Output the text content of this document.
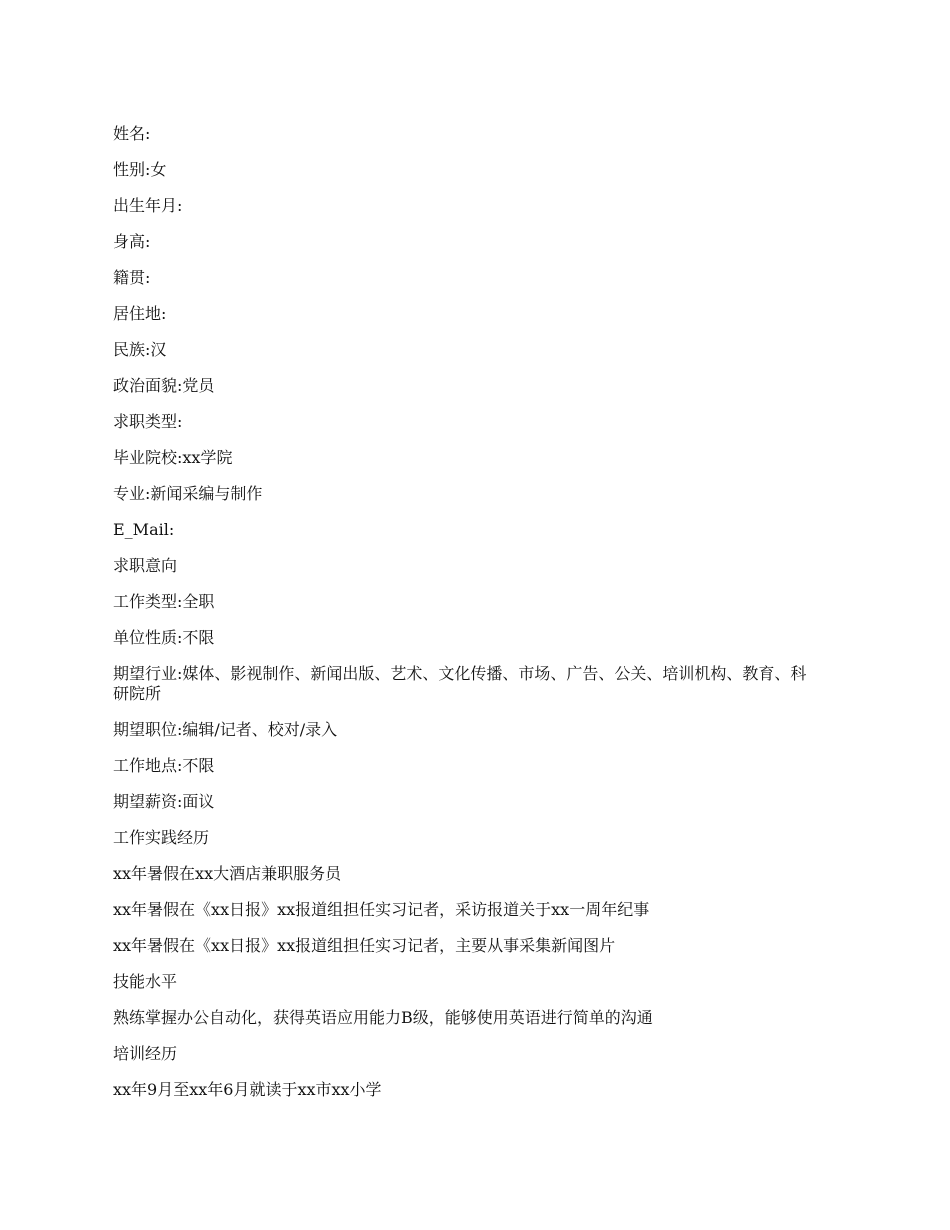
姓名:
性别:女
出生年月:
身高:
籍贯:
居住地:
民族:汉
政治面貌:党员
求职类型:
毕业院校:xx学院
专业:新闻采编与制作
E_Mail:
求职意向
工作类型:全职
单位性质:不限
期望行业:媒体、影视制作、新闻出版、艺术、文化传播、市场、广告、公关、培训机构、教育、科研院所
期望职位:编辑/记者、校对/录入
工作地点:不限
期望薪资:面议
工作实践经历
xx年暑假在xx大酒店兼职服务员
xx年暑假在《xx日报》xx报道组担任实习记者，采访报道关于xx一周年纪事
xx年暑假在《xx日报》xx报道组担任实习记者，主要从事采集新闻图片
技能水平
熟练掌握办公自动化，获得英语应用能力B级，能够使用英语进行简单的沟通
培训经历
xx年9月至xx年6月就读于xx市xx小学
